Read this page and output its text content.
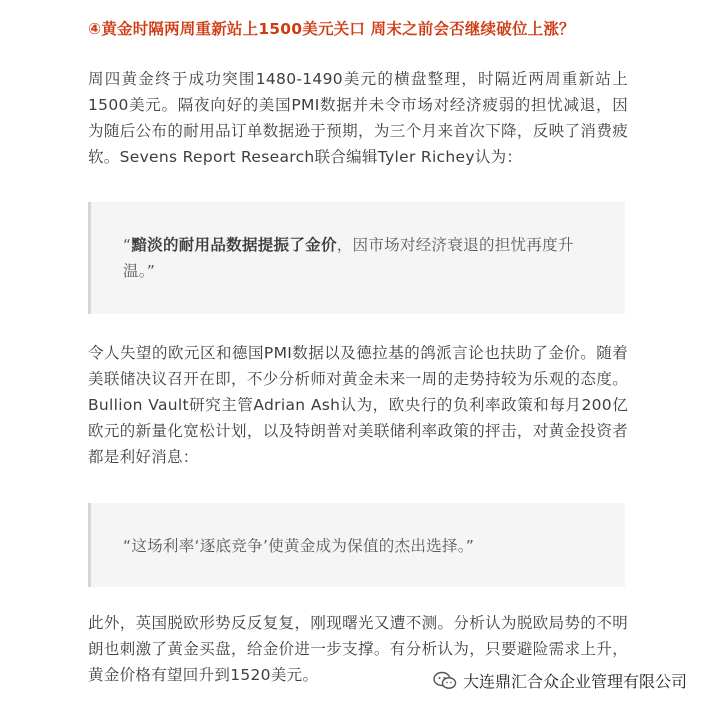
④黄金时隔两周重新站上1500美元关口 周末之前会否继续破位上涨？

周四黄金终于成功突围1480-1490美元的横盘整理，时隔近两周重新站上1500美元。隔夜向好的美国PMI数据并未令市场对经济疲弱的担忧减退，因为随后公布的耐用品订单数据逊于预期，为三个月来首次下降，反映了消费疲软。Sevens Report Research联合编辑Tyler Richey认为：

“黯淡的耐用品数据提振了金价，因市场对经济衰退的担忧再度升温。”

令人失望的欧元区和德国PMI数据以及德拉基的鸽派言论也扶助了金价。随着美联储决议召开在即，不少分析师对黄金未来一周的走势持较为乐观的态度。Bullion Vault研究主管Adrian Ash认为，欧央行的负利率政策和每月200亿欧元的新量化宽松计划，以及特朗普对美联储利率政策的抨击，对黄金投资者都是利好消息：

“这场利率‘逐底竞争’使黄金成为保值的杰出选择。”

此外，英国脱欧形势反反复复，刚现曙光又遭不测。分析认为脱欧局势的不明朗也刺激了黄金买盘，给金价进一步支撑。有分析认为，只要避险需求上升，黄金价格有望回升到1520美元。	大连鼎汇合众企业管理有限公司
